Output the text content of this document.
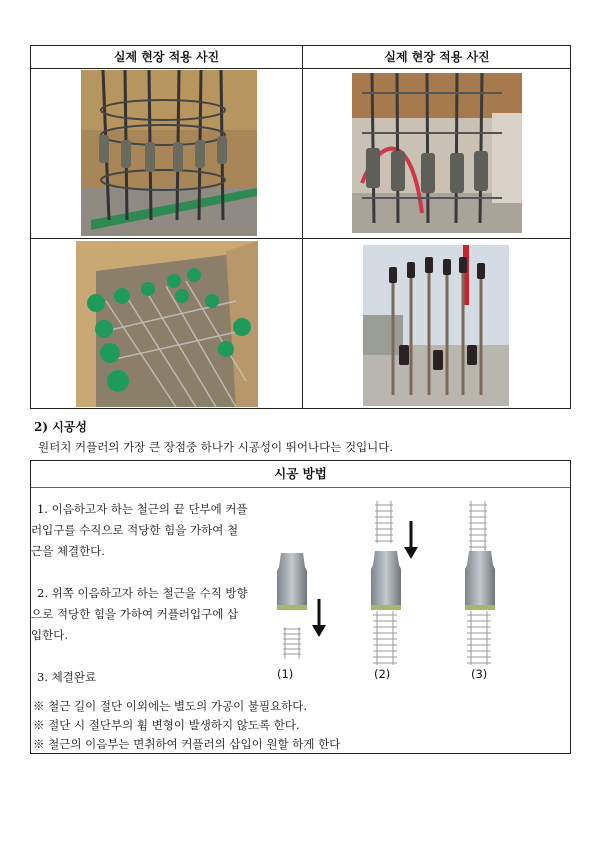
실제 현장 적용 사진	실제 현장 적용 사진
2) 시공성
원터치 커플러의 가장 큰 장점중 하나가 시공성이 뛰어나다는 것입니다.
시공 방법
1. 이음하고자 하는 철근의 끝 단부에 커플러입구를 수직으로 적당한 힘을 가하여 철근을 체결한다.
2. 위쪽 이음하고자 하는 철근을 수직 방향으로 적당한 힘을 가하여 커플러입구에 삽입한다.
3. 체결완료	(1)	(2)	(3)
※ 철근 길이 절단 이외에는 별도의 가공이 불필요하다.
※ 절단 시 절단부의 휨 변형이 발생하지 않도록 한다.
※ 철근의 이음부는 면취하여 커플러의 삽입이 원할 하게 한다
